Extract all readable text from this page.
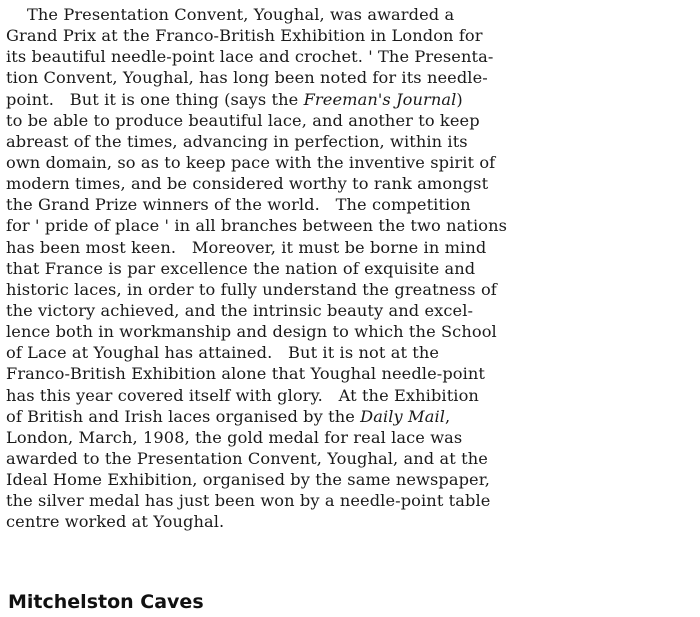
The Presentation Convent, Youghal, was awarded a
Grand Prix at the Franco-British Exhibition in London for
its beautiful needle-point lace and crochet. ' The Presenta-
tion Convent, Youghal, has long been noted for its needle-
point.   But it is one thing (says the Freeman's Journal)
to be able to produce beautiful lace, and another to keep
abreast of the times, advancing in perfection, within its
own domain, so as to keep pace with the inventive spirit of
modern times, and be considered worthy to rank amongst
the Grand Prize winners of the world.   The competition
for ' pride of place ' in all branches between the two nations
has been most keen.   Moreover, it must be borne in mind
that France is par excellence the nation of exquisite and
historic laces, in order to fully understand the greatness of
the victory achieved, and the intrinsic beauty and excel-
lence both in workmanship and design to which the School
of Lace at Youghal has attained.   But it is not at the
Franco-British Exhibition alone that Youghal needle-point
has this year covered itself with glory.   At the Exhibition
of British and Irish laces organised by the Daily Mail,
London, March, 1908, the gold medal for real lace was
awarded to the Presentation Convent, Youghal, and at the
Ideal Home Exhibition, organised by the same newspaper,
the silver medal has just been won by a needle-point table
centre worked at Youghal.
Mitchelston Caves
